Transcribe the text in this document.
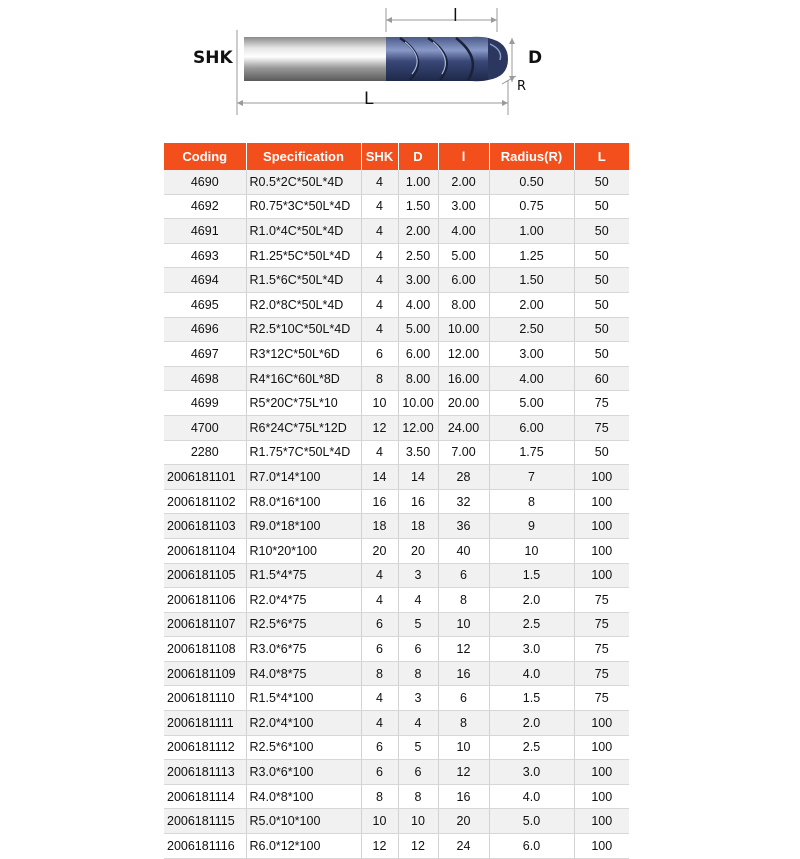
SHK	D
R
l
L
Coding	Specification	SHK	D	l	Radius(R)	L
4690	R0.5*2C*50L*4D	4	1.00	2.00	0.50	50
4692	R0.75*3C*50L*4D	4	1.50	3.00	0.75	50
4691	R1.0*4C*50L*4D	4	2.00	4.00	1.00	50
4693	R1.25*5C*50L*4D	4	2.50	5.00	1.25	50
4694	R1.5*6C*50L*4D	4	3.00	6.00	1.50	50
4695	R2.0*8C*50L*4D	4	4.00	8.00	2.00	50
4696	R2.5*10C*50L*4D	4	5.00	10.00	2.50	50
4697	R3*12C*50L*6D	6	6.00	12.00	3.00	50
4698	R4*16C*60L*8D	8	8.00	16.00	4.00	60
4699	R5*20C*75L*10	10	10.00	20.00	5.00	75
4700	R6*24C*75L*12D	12	12.00	24.00	6.00	75
2280	R1.75*7C*50L*4D	4	3.50	7.00	1.75	50
2006181101	R7.0*14*100	14	14	28	7	100
2006181102	R8.0*16*100	16	16	32	8	100
2006181103	R9.0*18*100	18	18	36	9	100
2006181104	R10*20*100	20	20	40	10	100
2006181105	R1.5*4*75	4	3	6	1.5	100
2006181106	R2.0*4*75	4	4	8	2.0	75
2006181107	R2.5*6*75	6	5	10	2.5	75
2006181108	R3.0*6*75	6	6	12	3.0	75
2006181109	R4.0*8*75	8	8	16	4.0	75
2006181110	R1.5*4*100	4	3	6	1.5	75
2006181111	R2.0*4*100	4	4	8	2.0	100
2006181112	R2.5*6*100	6	5	10	2.5	100
2006181113	R3.0*6*100	6	6	12	3.0	100
2006181114	R4.0*8*100	8	8	16	4.0	100
2006181115	R5.0*10*100	10	10	20	5.0	100
2006181116	R6.0*12*100	12	12	24	6.0	100
